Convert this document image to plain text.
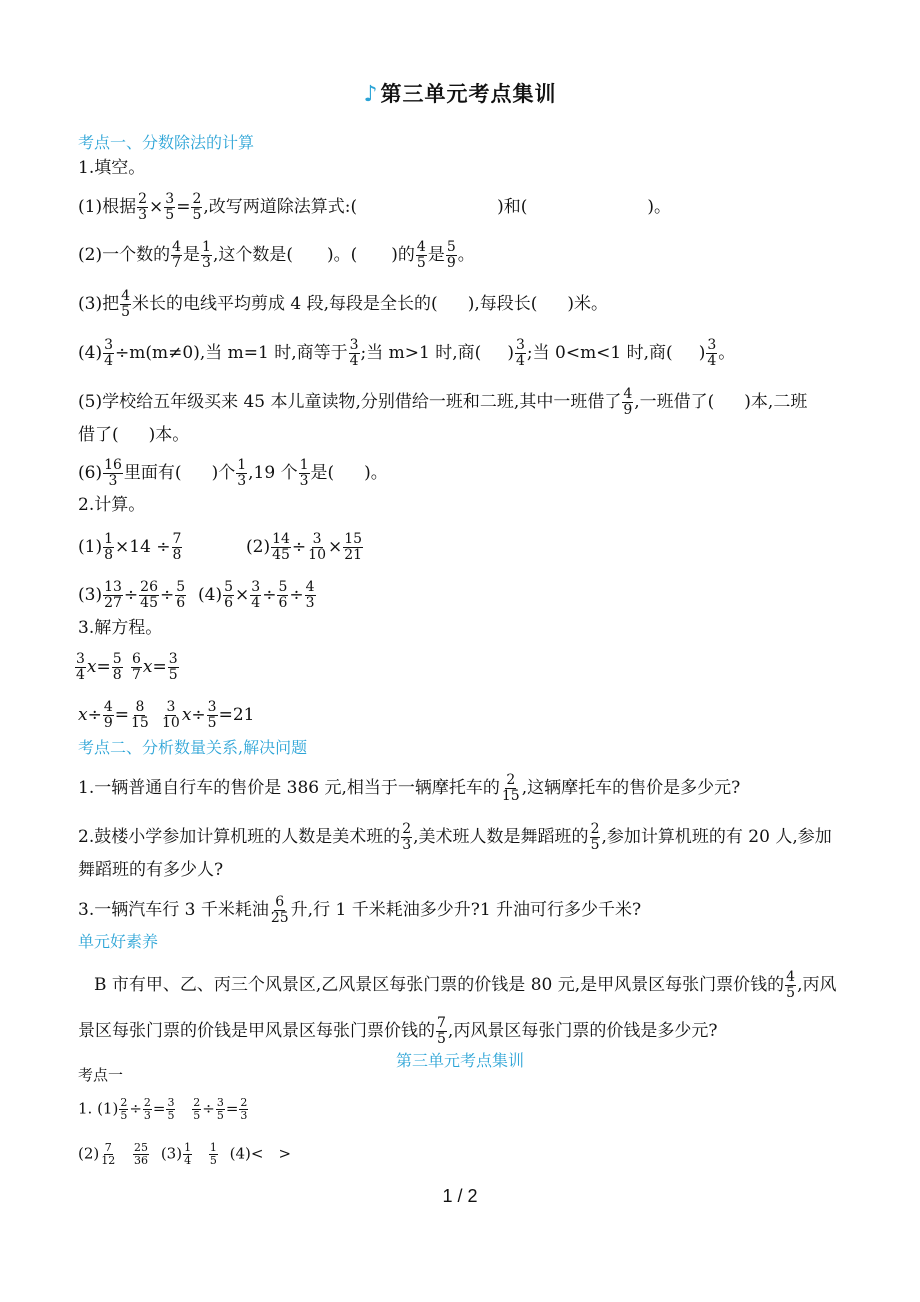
♪第三单元考点集训
考点一、分数除法的计算
1.填空。
(1)根据 $\frac{2}{3} \times \frac{3}{5} = \frac{2}{5}$ ,改写两道除法算式:(	)和(	)。
(2)一个数的 $\frac{4}{7}$ 是 $\frac{1}{3}$ ,这个数是( )。( )的 $\frac{4}{5}$ 是 $\frac{5}{9}$ 。
(3)把 $\frac{4}{5}$ 米长的电线平均剪成 4 段,每段是全长的( ),每段长( )米。
$(4) \frac{3}{4} \div m(m\ne 0)$,当 m=1 时,商等于 $\frac{3}{4}$ ;当 m>1 时,商( ) $\frac{3}{4}$ ;当 0<m<1 时,商( ) $\frac{3}{4}$ 。
(5)学校给五年级买来 45 本儿童读物,分别借给一班和二班,其中一班借了 $\frac{4}{9}$ ,一班借了( )本,二班
借了( )本。
$(6) \frac{16}{3}$ 里面有( )个 $\frac{1}{3} ,19$ 个 $\frac{1}{3}$ 是( )。
2.计算。
$(1) \frac{1}{8} \times 14 \div \frac{7}{8}$	$(2) \frac{14}{45} \div \frac{3}{10} \times \frac{15}{21}$
$(3) \frac{13}{27} \div \frac{26}{45} \div \frac{5}{6} (4) \frac{5}{6} \times \frac{3}{4} \div \frac{5}{6} \div \frac{4}{3}$
3.解方程。
$\frac{3}{4} x= \frac{5}{8} \frac{6}{7} x= \frac{3}{5}$
$x\div \frac{4}{9} = \frac{8}{15} \frac{3}{10} x\div \frac{3}{5} =21$
考点二、分析数量关系,解决问题
1.一辆普通自行车的售价是 386 元,相当于一辆摩托车的 $\frac{2}{15}$ ,这辆摩托车的售价是多少元?
2.鼓楼小学参加计算机班的人数是美术班的 $\frac{2}{3}$ ,美术班人数是舞蹈班的 $\frac{2}{5}$ ,参加计算机班的有 20 人,参加
舞蹈班的有多少人?
3.一辆汽车行 3 千米耗油 $\frac{6}{25}$ 升,行 1 千米耗油多少升?1 升油可行多少千米?
单元好素养
B 市有甲、乙、丙三个风景区,乙风景区每张门票的价钱是 80 元,是甲风景区每张门票价钱的 $\frac{4}{5}$ ,丙风
景区每张门票的价钱是甲风景区每张门票价钱的 $\frac{7}{5}$ ,丙风景区每张门票的价钱是多少元?
第三单元考点集训
考点一
1. $(1) \frac{2}{5} \div \frac{2}{3} = \frac{3}{5}$
$\frac{2}{5} \div \frac{3}{5} = \frac{2}{3}$
$(2) \frac{7}{12}$
$\frac{25}{36} (3) \frac{1}{4}$
$\frac{1}{5} (4)<$　>
1 / 2
